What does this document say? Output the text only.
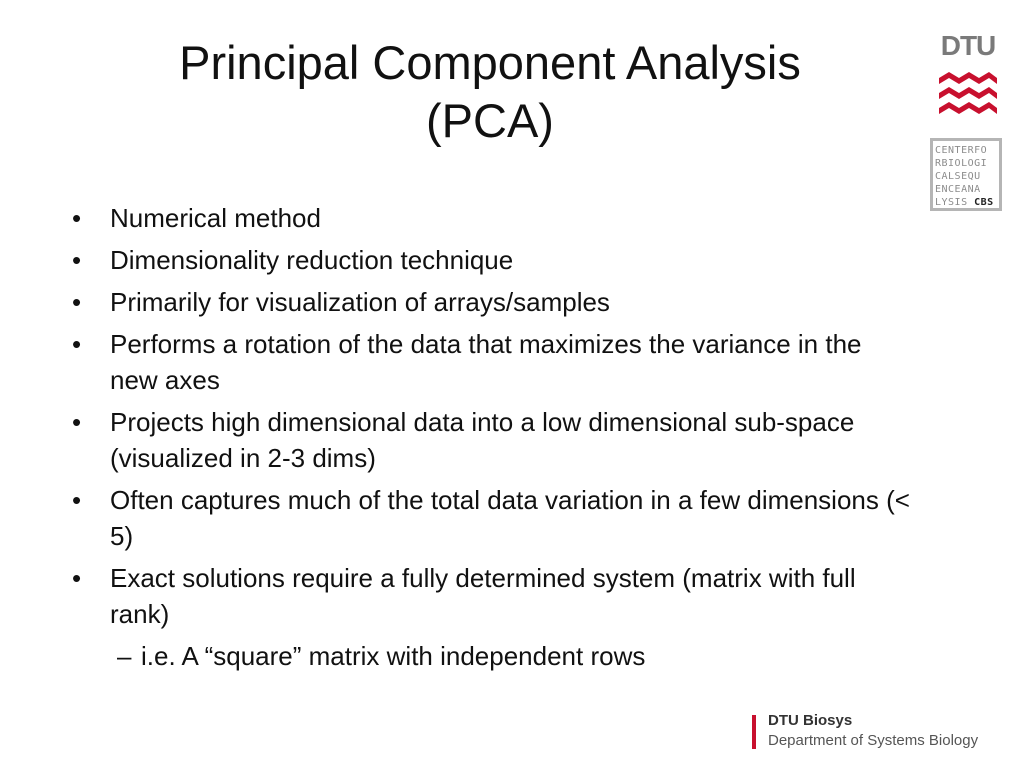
Principal Component Analysis
(PCA)
•	Numerical method
•	Dimensionality reduction technique
•	Primarily for visualization of arrays/samples
•	Performs a rotation of the data that maximizes the variance in the new axes
•	Projects high dimensional data into a low dimensional sub-space (visualized in 2-3 dims)
•	Often captures much of the total data variation in a few dimensions (< 5)
•	Exact solutions require a fully determined system (matrix with full rank)
– i.e. A “square” matrix with independent rows
DTU
CENTERFO
RBIOLOGI
CALSEQU
ENCEANA
LYSIS CBS
DTU Biosys
Department of Systems Biology
